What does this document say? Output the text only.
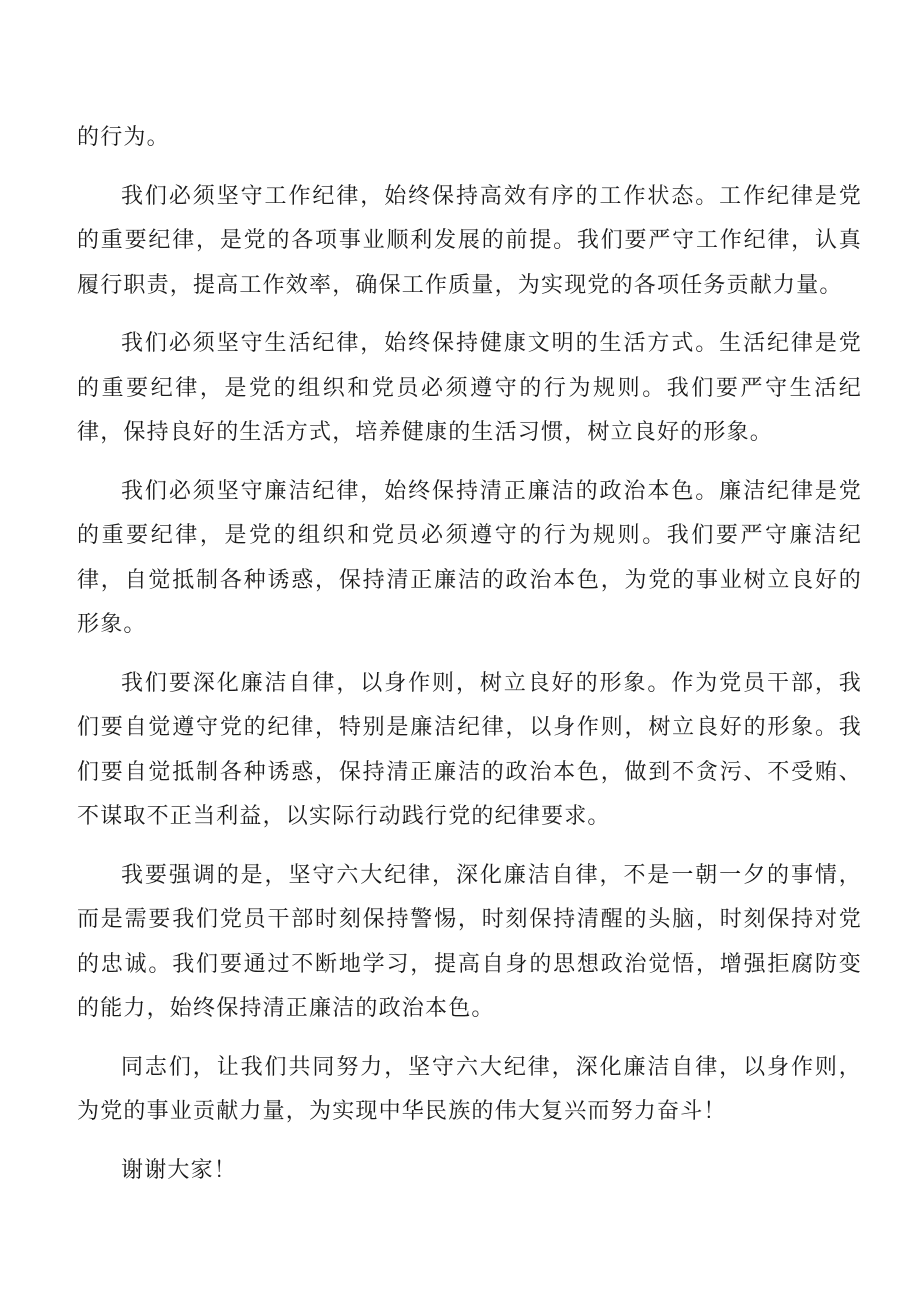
的行为。

我们必须坚守工作纪律，始终保持高效有序的工作状态。工作纪律是党的重要纪律，是党的各项事业顺利发展的前提。我们要严守工作纪律，认真履行职责，提高工作效率，确保工作质量，为实现党的各项任务贡献力量。

我们必须坚守生活纪律，始终保持健康文明的生活方式。生活纪律是党的重要纪律，是党的组织和党员必须遵守的行为规则。我们要严守生活纪律，保持良好的生活方式，培养健康的生活习惯，树立良好的形象。

我们必须坚守廉洁纪律，始终保持清正廉洁的政治本色。廉洁纪律是党的重要纪律，是党的组织和党员必须遵守的行为规则。我们要严守廉洁纪律，自觉抵制各种诱惑，保持清正廉洁的政治本色，为党的事业树立良好的形象。

我们要深化廉洁自律，以身作则，树立良好的形象。作为党员干部，我们要自觉遵守党的纪律，特别是廉洁纪律，以身作则，树立良好的形象。我们要自觉抵制各种诱惑，保持清正廉洁的政治本色，做到不贪污、不受贿、不谋取不正当利益，以实际行动践行党的纪律要求。

我要强调的是，坚守六大纪律，深化廉洁自律，不是一朝一夕的事情，而是需要我们党员干部时刻保持警惕，时刻保持清醒的头脑，时刻保持对党的忠诚。我们要通过不断地学习，提高自身的思想政治觉悟，增强拒腐防变的能力，始终保持清正廉洁的政治本色。

同志们，让我们共同努力，坚守六大纪律，深化廉洁自律，以身作则，为党的事业贡献力量，为实现中华民族的伟大复兴而努力奋斗！

谢谢大家！
